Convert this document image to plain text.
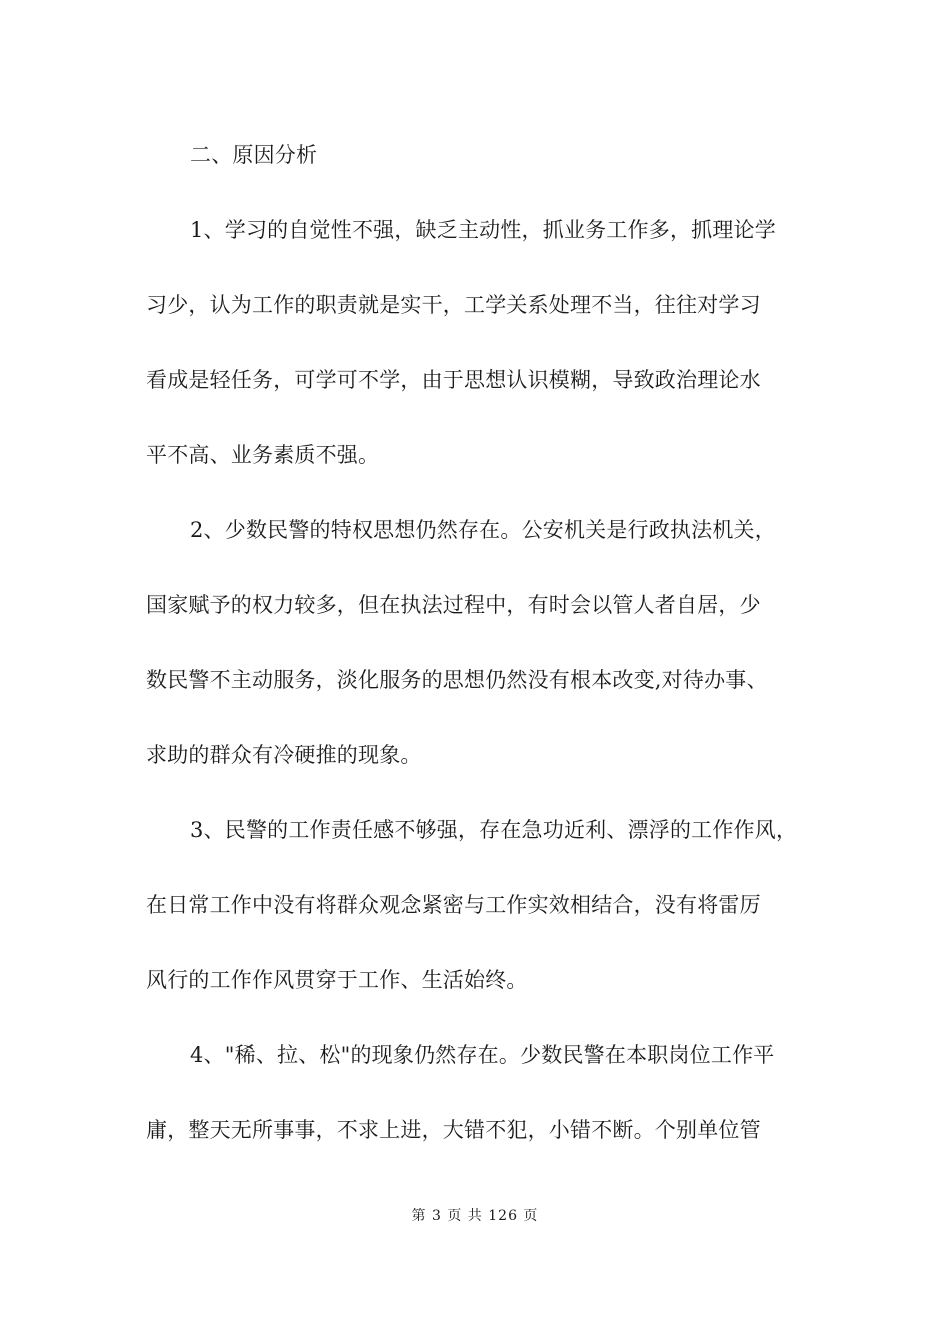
二、原因分析
1、学习的自觉性不强，缺乏主动性，抓业务工作多，抓理论学
习少，认为工作的职责就是实干，工学关系处理不当，往往对学习
看成是轻任务，可学可不学，由于思想认识模糊，导致政治理论水
平不高、业务素质不强。
2、少数民警的特权思想仍然存在。公安机关是行政执法机关，
国家赋予的权力较多，但在执法过程中，有时会以管人者自居，少
数民警不主动服务，淡化服务的思想仍然没有根本改变,对待办事、
求助的群众有冷硬推的现象。
3、民警的工作责任感不够强，存在急功近利、漂浮的工作作风，
在日常工作中没有将群众观念紧密与工作实效相结合，没有将雷厉
风行的工作作风贯穿于工作、生活始终。
4、"稀、拉、松"的现象仍然存在。少数民警在本职岗位工作平
庸，整天无所事事，不求上进，大错不犯，小错不断。个别单位管
第 3 页 共 126 页
